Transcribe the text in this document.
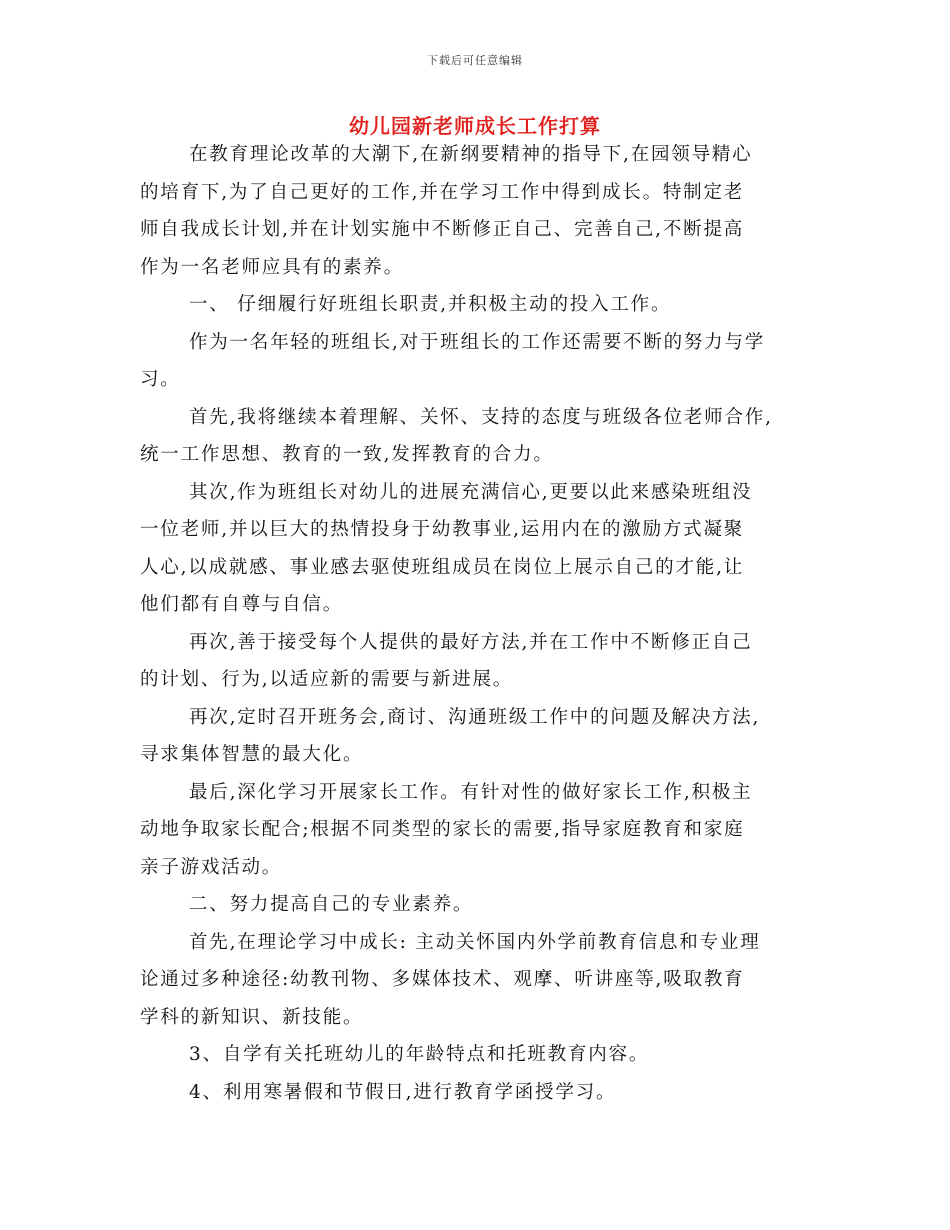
下载后可任意编辑
幼儿园新老师成长工作打算

在教育理论改革的大潮下,在新纲要精神的指导下,在园领导精心
的培育下,为了自己更好的工作,并在学习工作中得到成长。特制定老
师自我成长计划,并在计划实施中不断修正自己、完善自己,不断提高
作为一名老师应具有的素养。

一、 仔细履行好班组长职责,并积极主动的投入工作。

作为一名年轻的班组长,对于班组长的工作还需要不断的努力与学
习。

首先,我将继续本着理解、关怀、支持的态度与班级各位老师合作,
统一工作思想、教育的一致,发挥教育的合力。

其次,作为班组长对幼儿的进展充满信心,更要以此来感染班组没
一位老师,并以巨大的热情投身于幼教事业,运用内在的激励方式凝聚
人心,以成就感、事业感去驱使班组成员在岗位上展示自己的才能,让
他们都有自尊与自信。

再次,善于接受每个人提供的最好方法,并在工作中不断修正自己
的计划、行为,以适应新的需要与新进展。

再次,定时召开班务会,商讨、沟通班级工作中的问题及解决方法,
寻求集体智慧的最大化。

最后,深化学习开展家长工作。有针对性的做好家长工作,积极主
动地争取家长配合;根据不同类型的家长的需要,指导家庭教育和家庭
亲子游戏活动。

二、努力提高自己的专业素养。

首先,在理论学习中成长: 主动关怀国内外学前教育信息和专业理
论通过多种途径:幼教刊物、多媒体技术、观摩、听讲座等,吸取教育
学科的新知识、新技能。

3、自学有关托班幼儿的年龄特点和托班教育内容。

4、利用寒暑假和节假日,进行教育学函授学习。
